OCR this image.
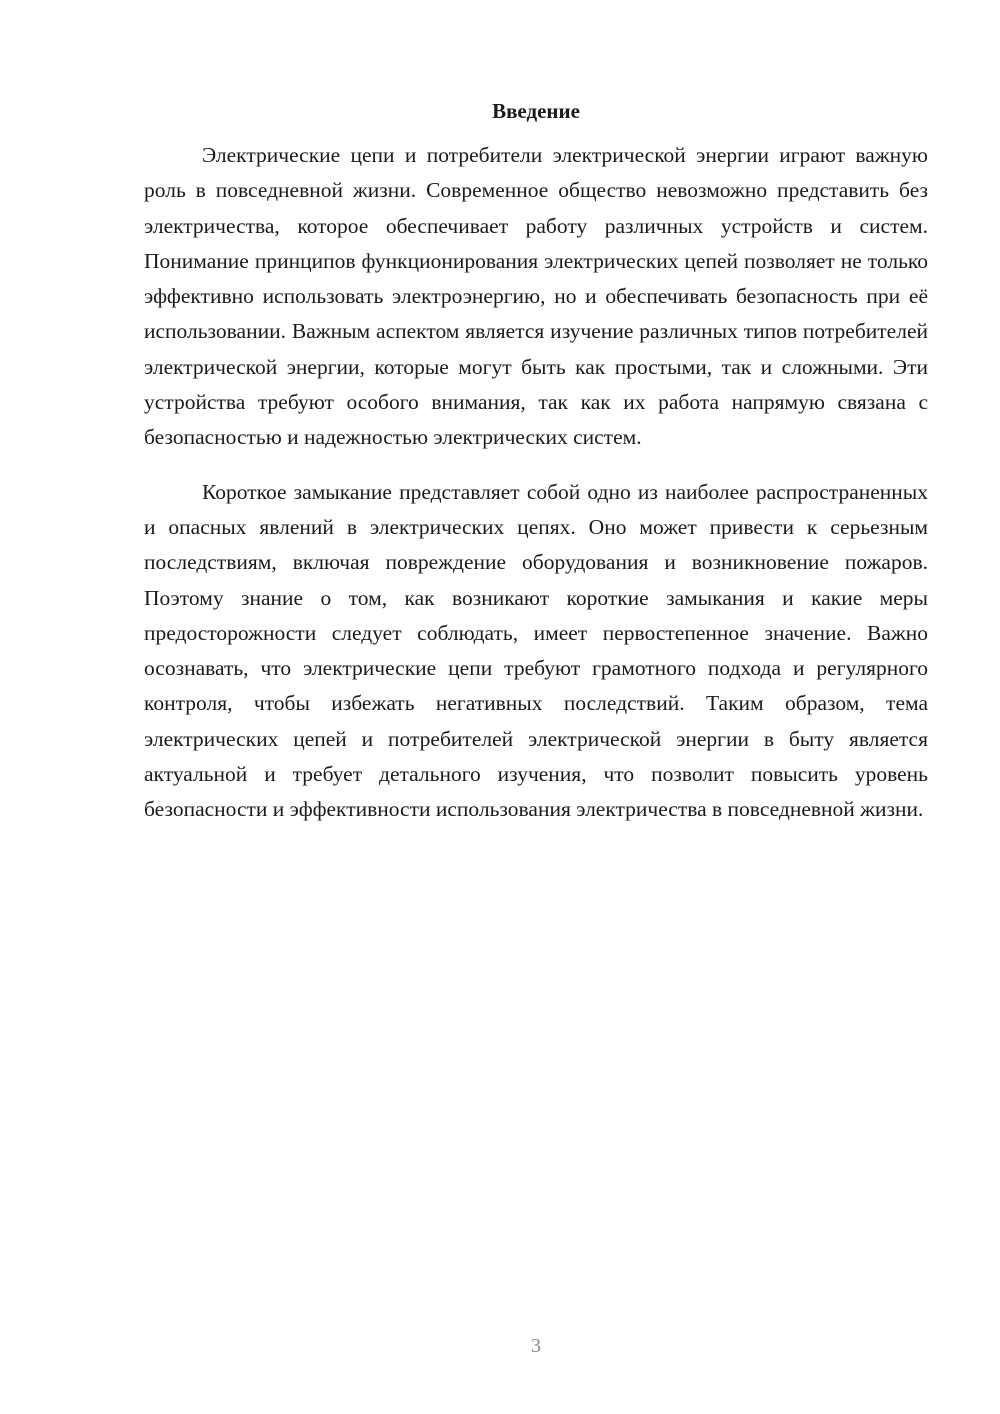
Введение

Электрические цепи и потребители электрической энергии играют важную роль в повседневной жизни. Современное общество невозможно представить без электричества, которое обеспечивает работу различных устройств и систем. Понимание принципов функционирования электрических цепей позволяет не только эффективно использовать электроэнергию, но и обеспечивать безопасность при её использовании. Важным аспектом является изучение различных типов потребителей электрической энергии, которые могут быть как простыми, так и сложными. Эти устройства требуют особого внимания, так как их работа напрямую связана с безопасностью и надежностью электрических систем.

Короткое замыкание представляет собой одно из наиболее распространенных и опасных явлений в электрических цепях. Оно может привести к серьезным последствиям, включая повреждение оборудования и возникновение пожаров. Поэтому знание о том, как возникают короткие замыкания и какие меры предосторожности следует соблюдать, имеет первостепенное значение. Важно осознавать, что электрические цепи требуют грамотного подхода и регулярного контроля, чтобы избежать негативных последствий. Таким образом, тема электрических цепей и потребителей электрической энергии в быту является актуальной и требует детального изучения, что позволит повысить уровень безопасности и эффективности использования электричества в повседневной жизни.

3
